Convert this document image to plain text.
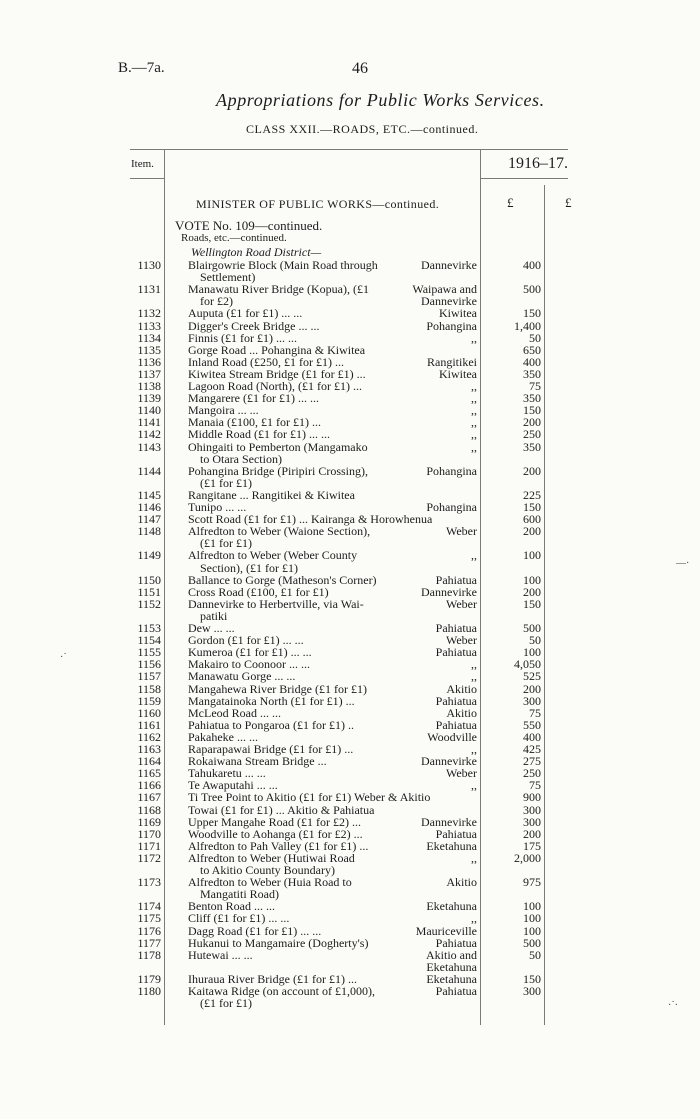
B.—7a.	46
Appropriations for Public Works Services.
CLASS XXII.—ROADS, ETC.—continued.
Item.	1916–17.
£	£
MINISTER OF PUBLIC WORKS—continued.
VOTE No. 109—continued.
Roads, etc.—continued.
Wellington Road District—
1130 Blairgowrie Block (Main Road through	Dannevirke	400
Settlement)
1131 Manawatu River Bridge (Kopua), (£1	Waipawa and	500
for £2)	Dannevirke
1132 Auputa (£1 for £1) ... ...	Kiwitea	150
1133 Digger's Creek Bridge ... ...	Pohangina	1,400
1134 Finnis (£1 for £1) ... ...	,,	50
1135 Gorge Road ... Pohangina & Kiwitea	650
1136 Inland Road (£250, £1 for £1) ...	Rangitikei	400
1137 Kiwitea Stream Bridge (£1 for £1) ...	Kiwitea	350
1138 Lagoon Road (North), (£1 for £1) ...	,,	75
1139 Mangarere (£1 for £1) ... ...	,,	350
1140 Mangoira ... ...	,,	150
1141 Manaia (£100, £1 for £1) ...	,,	200
1142 Middle Road (£1 for £1) ... ...	,,	250
1143 Ohingaiti to Pemberton (Mangamako	,,	350
to Otara Section)
1144 Pohangina Bridge (Piripiri Crossing),	Pohangina	200
(£1 for £1)
1145 Rangitane ... Rangitikei & Kiwitea	225
1146 Tunipo ... ...	Pohangina	150
1147 Scott Road (£1 for £1) ... Kairanga & Horowhenua	600
1148 Alfredton to Weber (Waione Section),	Weber	200
(£1 for £1)
1149 Alfredton to Weber (Weber County	,,	100
Section), (£1 for £1)
1150 Ballance to Gorge (Matheson's Corner)	Pahiatua	100
1151 Cross Road (£100, £1 for £1)	Dannevirke	200
1152 Dannevirke to Herbertville, via Wai-	Weber	150
patiki
1153 Dew ... ...	Pahiatua	500
1154 Gordon (£1 for £1) ... ...	Weber	50
1155 Kumeroa (£1 for £1) ... ...	Pahiatua	100
1156 Makairo to Coonoor ... ...	,,	4,050
1157 Manawatu Gorge ... ...	,,	525
1158 Mangahewa River Bridge (£1 for £1)	Akitio	200
1159 Mangatainoka North (£1 for £1) ...	Pahiatua	300
1160 McLeod Road ... ...	Akitio	75
1161 Pahiatua to Pongaroa (£1 for £1) ..	Pahiatua	550
1162 Pakaheke ... ...	Woodville	400
1163 Raparapawai Bridge (£1 for £1) ...	,,	425
1164 Rokaiwana Stream Bridge ...	Dannevirke	275
1165 Tahukaretu ... ...	Weber	250
1166 Te Awaputahi ... ...	,,	75
1167 Ti Tree Point to Akitio (£1 for £1) Weber & Akitio	900
1168 Towai (£1 for £1) ... Akitio & Pahiatua	300
1169 Upper Mangahe Road (£1 for £2) ...	Dannevirke	300
1170 Woodville to Aohanga (£1 for £2) ...	Pahiatua	200
1171 Alfredton to Pah Valley (£1 for £1) ...	Eketahuna	175
1172 Alfredton to Weber (Hutiwai Road	,,	2,000
to Akitio County Boundary)
1173 Alfredton to Weber (Huia Road to	Akitio	975
Mangatiti Road)
1174 Benton Road ... ...	Eketahuna	100
1175 Cliff (£1 for £1) ... ...	,,	100
1176 Dagg Road (£1 for £1) ... ...	Mauriceville	100
1177 Hukanui to Mangamaire (Dogherty's)	Pahiatua	500
1178 Hutewai ... ...	Akitio and	50
Eketahuna
1179 Ihuraua River Bridge (£1 for £1) ...	Eketahuna	150
1180 Kaitawa Ridge (on account of £1,000),	Pahiatua	300
(£1 for £1)
·˙
—·
·˙·
